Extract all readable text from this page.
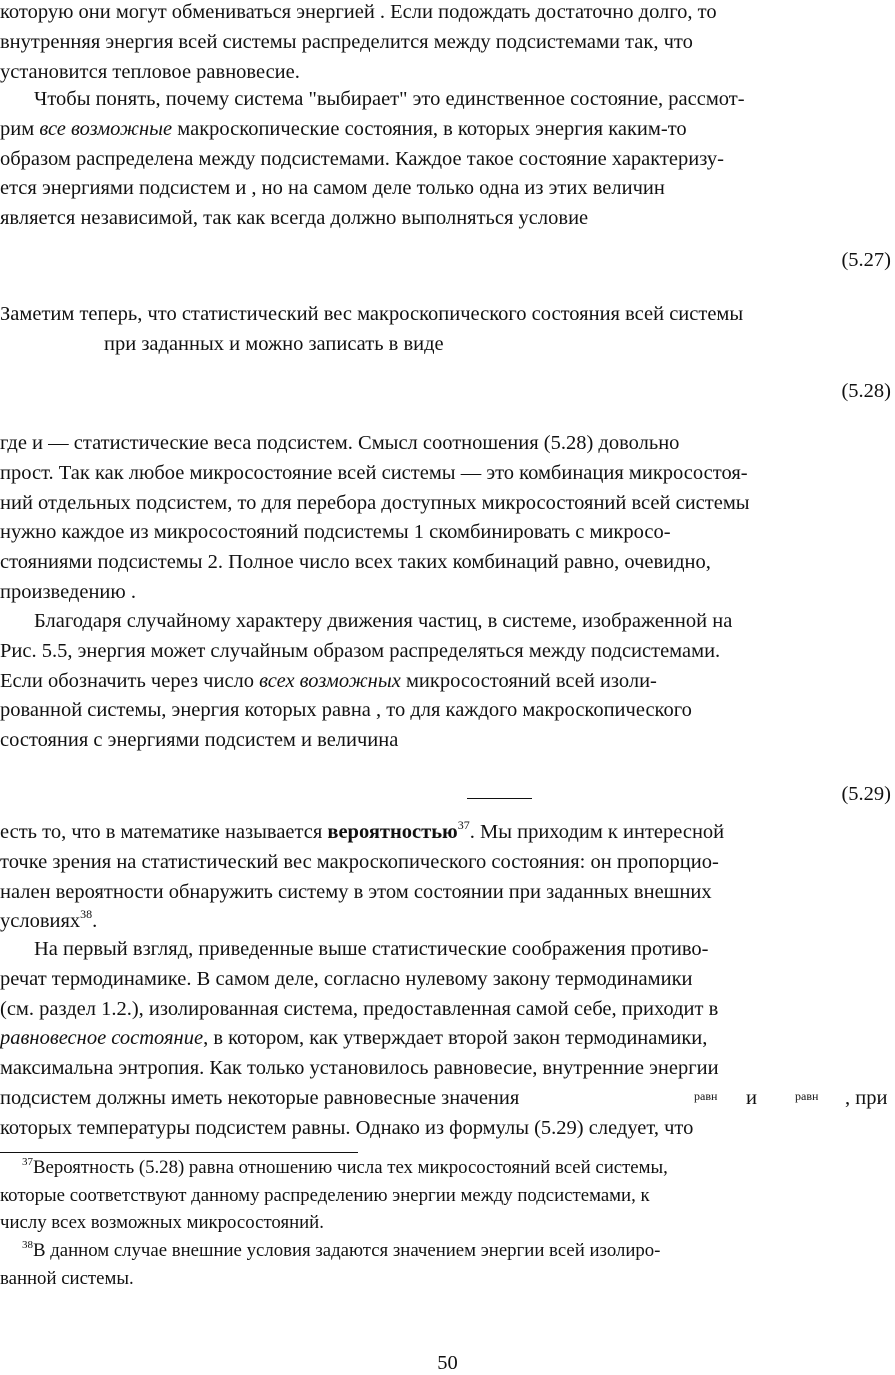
которую они могут обмениваться энергией . Если подождать достаточно долго, то
внутренняя энергия всей системы распределится между подсистемами так, что
установится тепловое равновесие.
Чтобы понять, почему система "выбирает" это единственное состояние, рассмот-
рим все возможные макроскопические состояния, в которых энергия каким-то
образом распределена между подсистемами. Каждое такое состояние характеризу-
ется энергиями подсистем и , но на самом деле только одна из этих величин
является независимой, так как всегда должно выполняться условие
(5.27)
Заметим теперь, что статистический вес макроскопического состояния всей системы
при заданных и можно записать в виде
(5.28)
где и — статистические веса подсистем. Смысл соотношения (5.28) довольно
прост. Так как любое микросостояние всей системы — это комбинация микросостоя-
ний отдельных подсистем, то для перебора доступных микросостояний всей системы
нужно каждое из микросостояний подсистемы 1 скомбинировать с микросо-
стояниями подсистемы 2. Полное число всех таких комбинаций равно, очевидно,
произведению .
Благодаря случайному характеру движения частиц, в системе, изображенной на
Рис. 5.5, энергия может случайным образом распределяться между подсистемами.
Если обозначить через число всех возможных микросостояний всей изоли-
рованной системы, энергия которых равна , то для каждого макроскопического
состояния с энергиями подсистем и величина
(5.29)
есть то, что в математике называется вероятностью$^{37}$. Мы приходим к интересной
точке зрения на статистический вес макроскопического состояния: он пропорцио-
нален вероятности обнаружить систему в этом состоянии при заданных внешних
условиях$^{38}$.
На первый взгляд, приведенные выше статистические соображения противо-
речат термодинамике. В самом деле, согласно нулевому закону термодинамики
(см. раздел 1.2.), изолированная система, предоставленная самой себе, приходит в
равновесное состояние, в котором, как утверждает второй закон термодинамики,
максимальна энтропия. Как только установилось равновесие, внутренние энергии
подсистем должны иметь некоторые равновесные значения	и	, при
которых температуры подсистем равны. Однако из формулы (5.29) следует, что
равн	равн
$^{37}$Вероятность (5.28) равна отношению числа тех микросостояний всей системы,
которые соответствуют данному распределению энергии между подсистемами, к
числу всех возможных микросостояний.
$^{38}$В данном случае внешние условия задаются значением энергии всей изолиро-
ванной системы.
50
